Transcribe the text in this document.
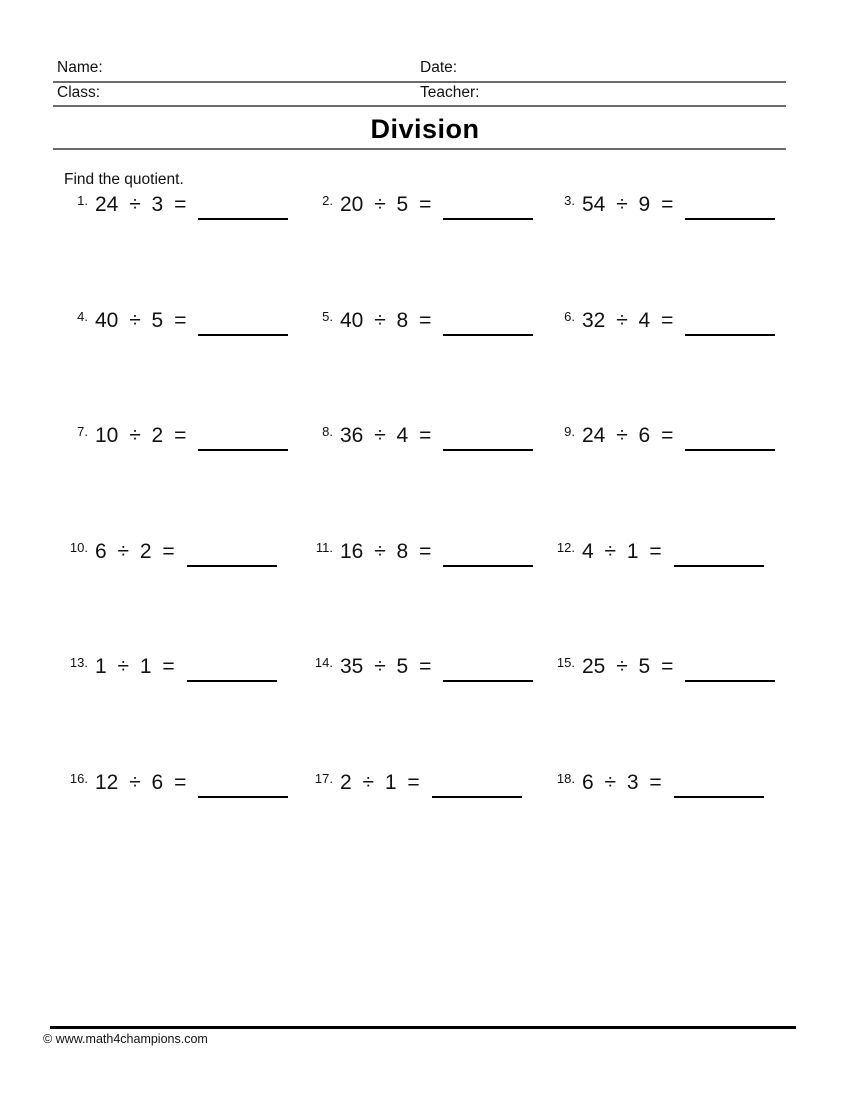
Name:	Date:
Class:	Teacher:
Division
Find the quotient.
1. 24 ÷ 3 =	2. 20 ÷ 5 =	3. 54 ÷ 9 =
4. 40 ÷ 5 =	5. 40 ÷ 8 =	6. 32 ÷ 4 =
7. 10 ÷ 2 =	8. 36 ÷ 4 =	9. 24 ÷ 6 =
10. 6 ÷ 2 =	11. 16 ÷ 8 =	12. 4 ÷ 1 =
13. 1 ÷ 1 =	14. 35 ÷ 5 =	15. 25 ÷ 5 =
16. 12 ÷ 6 =	17. 2 ÷ 1 =	18. 6 ÷ 3 =
© www.math4champions.com
